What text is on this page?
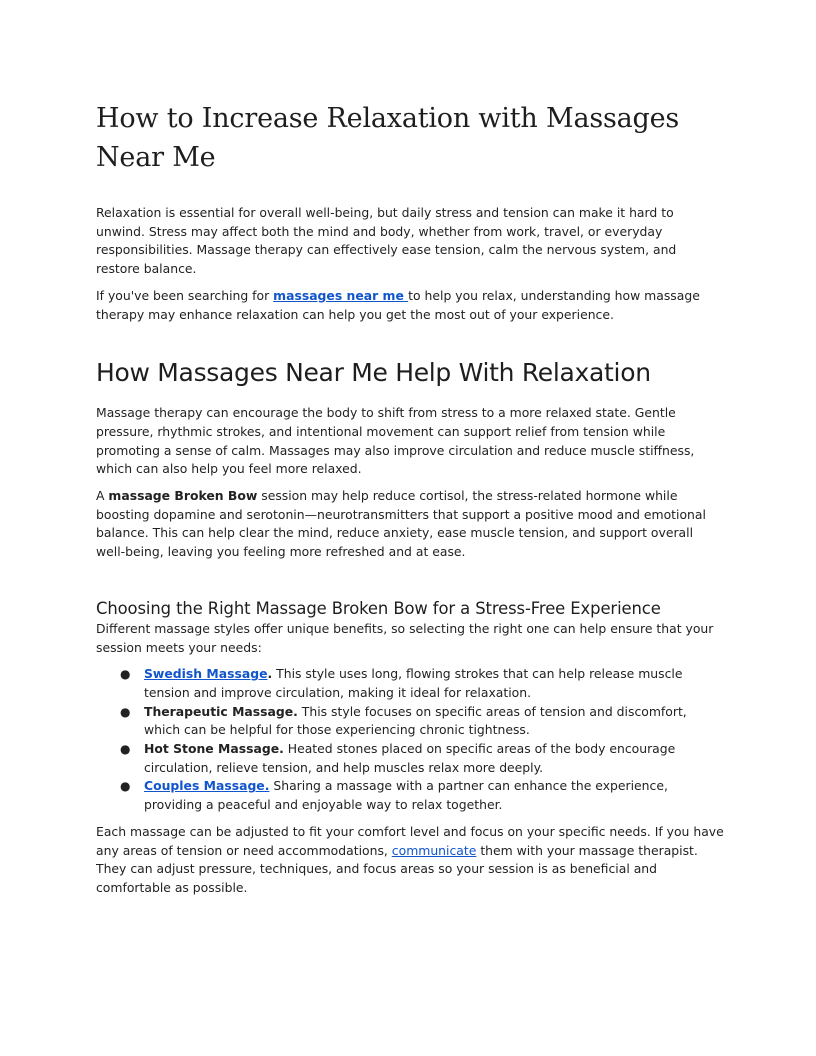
How to Increase Relaxation with Massages Near Me

Relaxation is essential for overall well-being, but daily stress and tension can make it hard to unwind. Stress may affect both the mind and body, whether from work, travel, or everyday responsibilities. Massage therapy can effectively ease tension, calm the nervous system, and restore balance.

If you've been searching for massages near me to help you relax, understanding how massage therapy may enhance relaxation can help you get the most out of your experience.

How Massages Near Me Help With Relaxation

Massage therapy can encourage the body to shift from stress to a more relaxed state. Gentle pressure, rhythmic strokes, and intentional movement can support relief from tension while promoting a sense of calm. Massages may also improve circulation and reduce muscle stiffness, which can also help you feel more relaxed.

A massage Broken Bow session may help reduce cortisol, the stress-related hormone while boosting dopamine and serotonin—neurotransmitters that support a positive mood and emotional balance. This can help clear the mind, reduce anxiety, ease muscle tension, and support overall well-being, leaving you feeling more refreshed and at ease.

Choosing the Right Massage Broken Bow for a Stress-Free Experience

Different massage styles offer unique benefits, so selecting the right one can help ensure that your session meets your needs:

● Swedish Massage. This style uses long, flowing strokes that can help release muscle tension and improve circulation, making it ideal for relaxation.
● Therapeutic Massage. This style focuses on specific areas of tension and discomfort, which can be helpful for those experiencing chronic tightness.
● Hot Stone Massage. Heated stones placed on specific areas of the body encourage circulation, relieve tension, and help muscles relax more deeply.
● Couples Massage. Sharing a massage with a partner can enhance the experience, providing a peaceful and enjoyable way to relax together.

Each massage can be adjusted to fit your comfort level and focus on your specific needs. If you have any areas of tension or need accommodations, communicate them with your massage therapist. They can adjust pressure, techniques, and focus areas so your session is as beneficial and comfortable as possible.
